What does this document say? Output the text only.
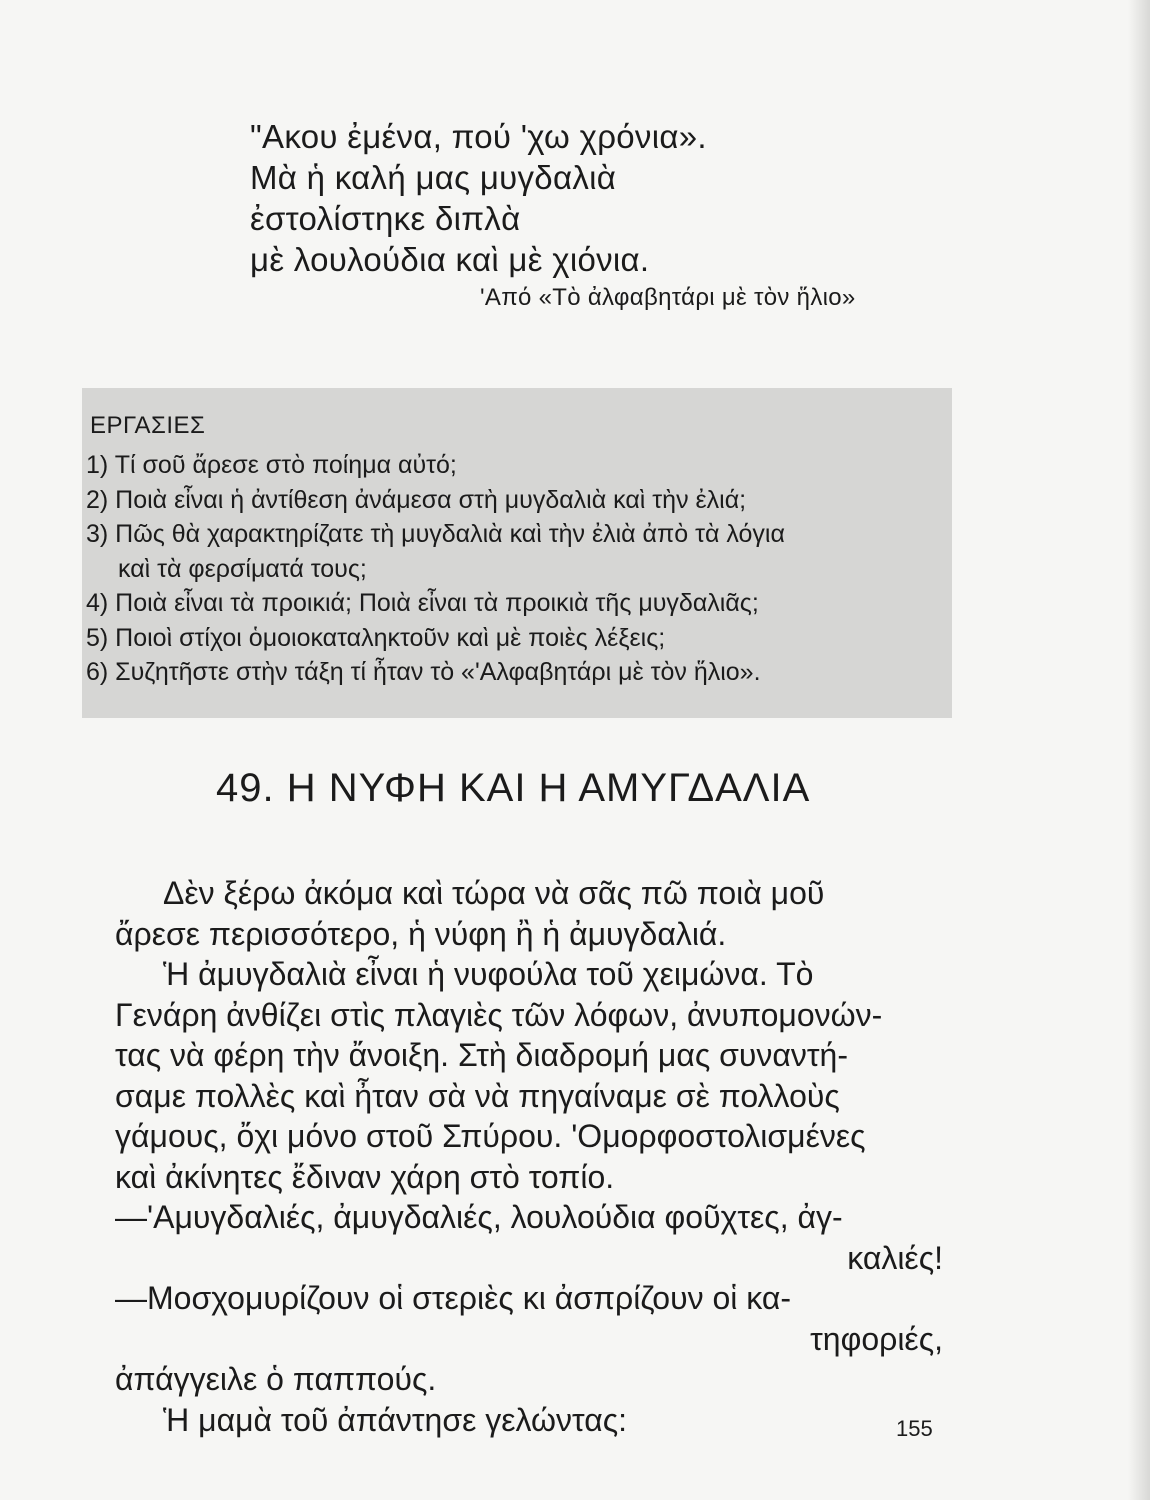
"Ακου ἐμένα, πού 'χω χρόνια».
Μὰ ἡ καλή μας μυγδαλιὰ
ἐστολίστηκε διπλὰ
μὲ λουλούδια καὶ μὲ χιόνια.
'Από «Τὸ ἀλφαβητάρι μὲ τὸν ἥλιο»
ΕΡΓΑΣΙΕΣ
1) Τί σοῦ ἄρεσε στὸ ποίημα αὐτό;
2) Ποιὰ εἶναι ἡ ἀντίθεση ἀνάμεσα στὴ μυγδαλιὰ καὶ τὴν ἐλιά;
3) Πῶς θὰ χαρακτηρίζατε τὴ μυγδαλιὰ καὶ τὴν ἐλιὰ ἀπὸ τὰ λόγια
καὶ τὰ φερσίματά τους;
4) Ποιὰ εἶναι τὰ προικιά; Ποιὰ εἶναι τὰ προικιὰ τῆς μυγδαλιᾶς;
5) Ποιοὶ στίχοι ὁμοιοκαταληκτοῦν καὶ μὲ ποιὲς λέξεις;
6) Συζητῆστε στὴν τάξη τί ἦταν τὸ «'Αλφαβητάρι μὲ τὸν ἥλιο».
49. Η ΝΥΦΗ ΚΑΙ Η ΑΜΥΓΔΑΛΙΑ
Δὲν ξέρω ἀκόμα καὶ τώρα νὰ σᾶς πῶ ποιὰ μοῦ
ἄρεσε περισσότερο, ἡ νύφη ἢ ἡ ἀμυγδαλιά.
Ἡ ἀμυγδαλιὰ εἶναι ἡ νυφούλα τοῦ χειμώνα. Τὸ
Γενάρη ἀνθίζει στὶς πλαγιὲς τῶν λόφων, ἀνυπομονών-
τας νὰ φέρη τὴν ἄνοιξη. Στὴ διαδρομή μας συναντή-
σαμε πολλὲς καὶ ἦταν σὰ νὰ πηγαίναμε σὲ πολλοὺς
γάμους, ὄχι μόνο στοῦ Σπύρου. 'Ομορφοστολισμένες
καὶ ἀκίνητες ἔδιναν χάρη στὸ τοπίο.
—'Αμυγδαλιές, ἀμυγδαλιές, λουλούδια φοῦχτες, ἀγ-
καλιές!
—Μοσχομυρίζουν οἱ στεριὲς κι ἀσπρίζουν οἱ κα-
τηφοριές,
ἀπάγγειλε ὁ παππούς.
Ἡ μαμὰ τοῦ ἀπάντησε γελώντας:	155
